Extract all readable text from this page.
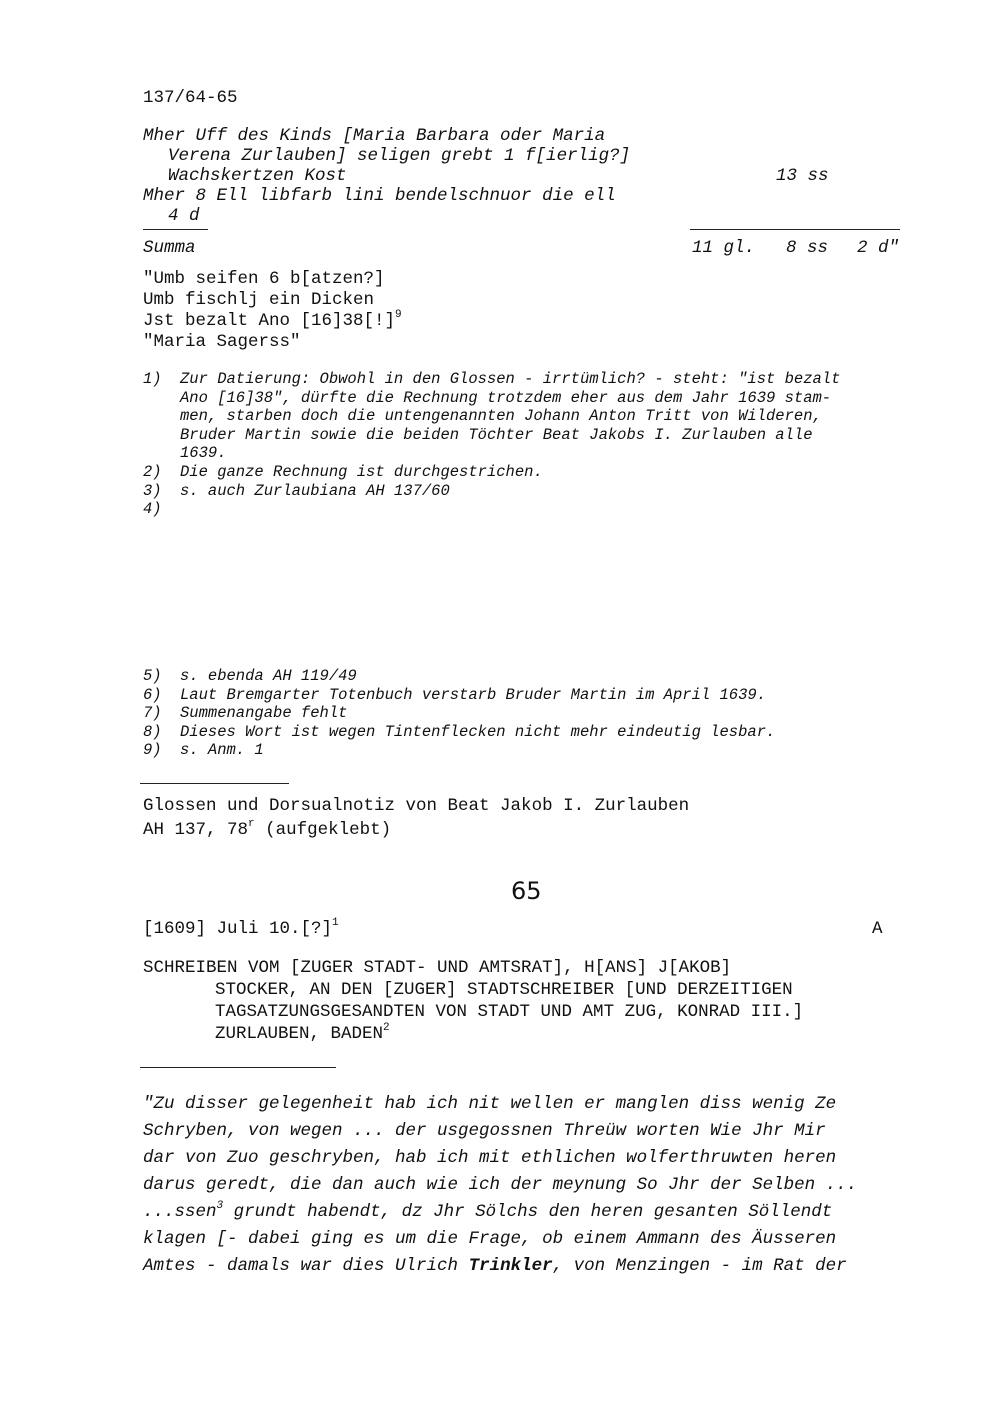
137/64-65
Mher Uff des Kinds [Maria Barbara oder Maria
Verena Zurlauben] seligen grebt 1 f[ierlig?]
Wachskertzen Kost	13 ss
Mher 8 Ell libfarb lini bendelschnuor die ell
4 d
Summa	11 gl. 8 ss 2 d"
"Umb seifen 6 b[atzen?]
Umb fischlj ein Dicken
Jst bezalt Ano [16]38[!]$^9$
"Maria Sagerss"
1) Zur Datierung: Obwohl in den Glossen - irrtümlich? - steht: "ist bezalt
Ano [16]38", dürfte die Rechnung trotzdem eher aus dem Jahr 1639 stam-
men, starben doch die untengenannten Johann Anton Tritt von Wilderen,
Bruder Martin sowie die beiden Töchter Beat Jakobs I. Zurlauben alle
1639.
2) Die ganze Rechnung ist durchgestrichen.
3) s. auch Zurlaubiana AH 137/60
4)
5) s. ebenda AH 119/49
6) Laut Bremgarter Totenbuch verstarb Bruder Martin im April 1639.
7) Summenangabe fehlt
8) Dieses Wort ist wegen Tintenflecken nicht mehr eindeutig lesbar.
9) s. Anm. 1
Glossen und Dorsualnotiz von Beat Jakob I. Zurlauben
AH 137, 78$^r$ (aufgeklebt)
65
[1609] Juli 10.[?]$^1$	A
SCHREIBEN VOM [ZUGER STADT- UND AMTSRAT], H[ANS] J[AKOB]
STOCKER, AN DEN [ZUGER] STADTSCHREIBER [UND DERZEITIGEN
TAGSATZUNGSGESANDTEN VON STADT UND AMT ZUG, KONRAD III.]
ZURLAUBEN, BADEN$^2$
"Zu disser gelegenheit hab ich nit wellen er manglen diss wenig Ze
Schryben, von wegen ... der usgegossnen Threüw worten Wie Jhr Mir
dar von Zuo geschryben, hab ich mit ethlichen wolferthruwten heren
darus geredt, die dan auch wie ich der meynung So Jhr der Selben ...
...ssen$^3$ grundt habendt, dz Jhr Sölchs den heren gesanten Söllendt
klagen [- dabei ging es um die Frage, ob einem Ammann des Äusseren
Amtes - damals war dies Ulrich Trinkler, von Menzingen - im Rat der
